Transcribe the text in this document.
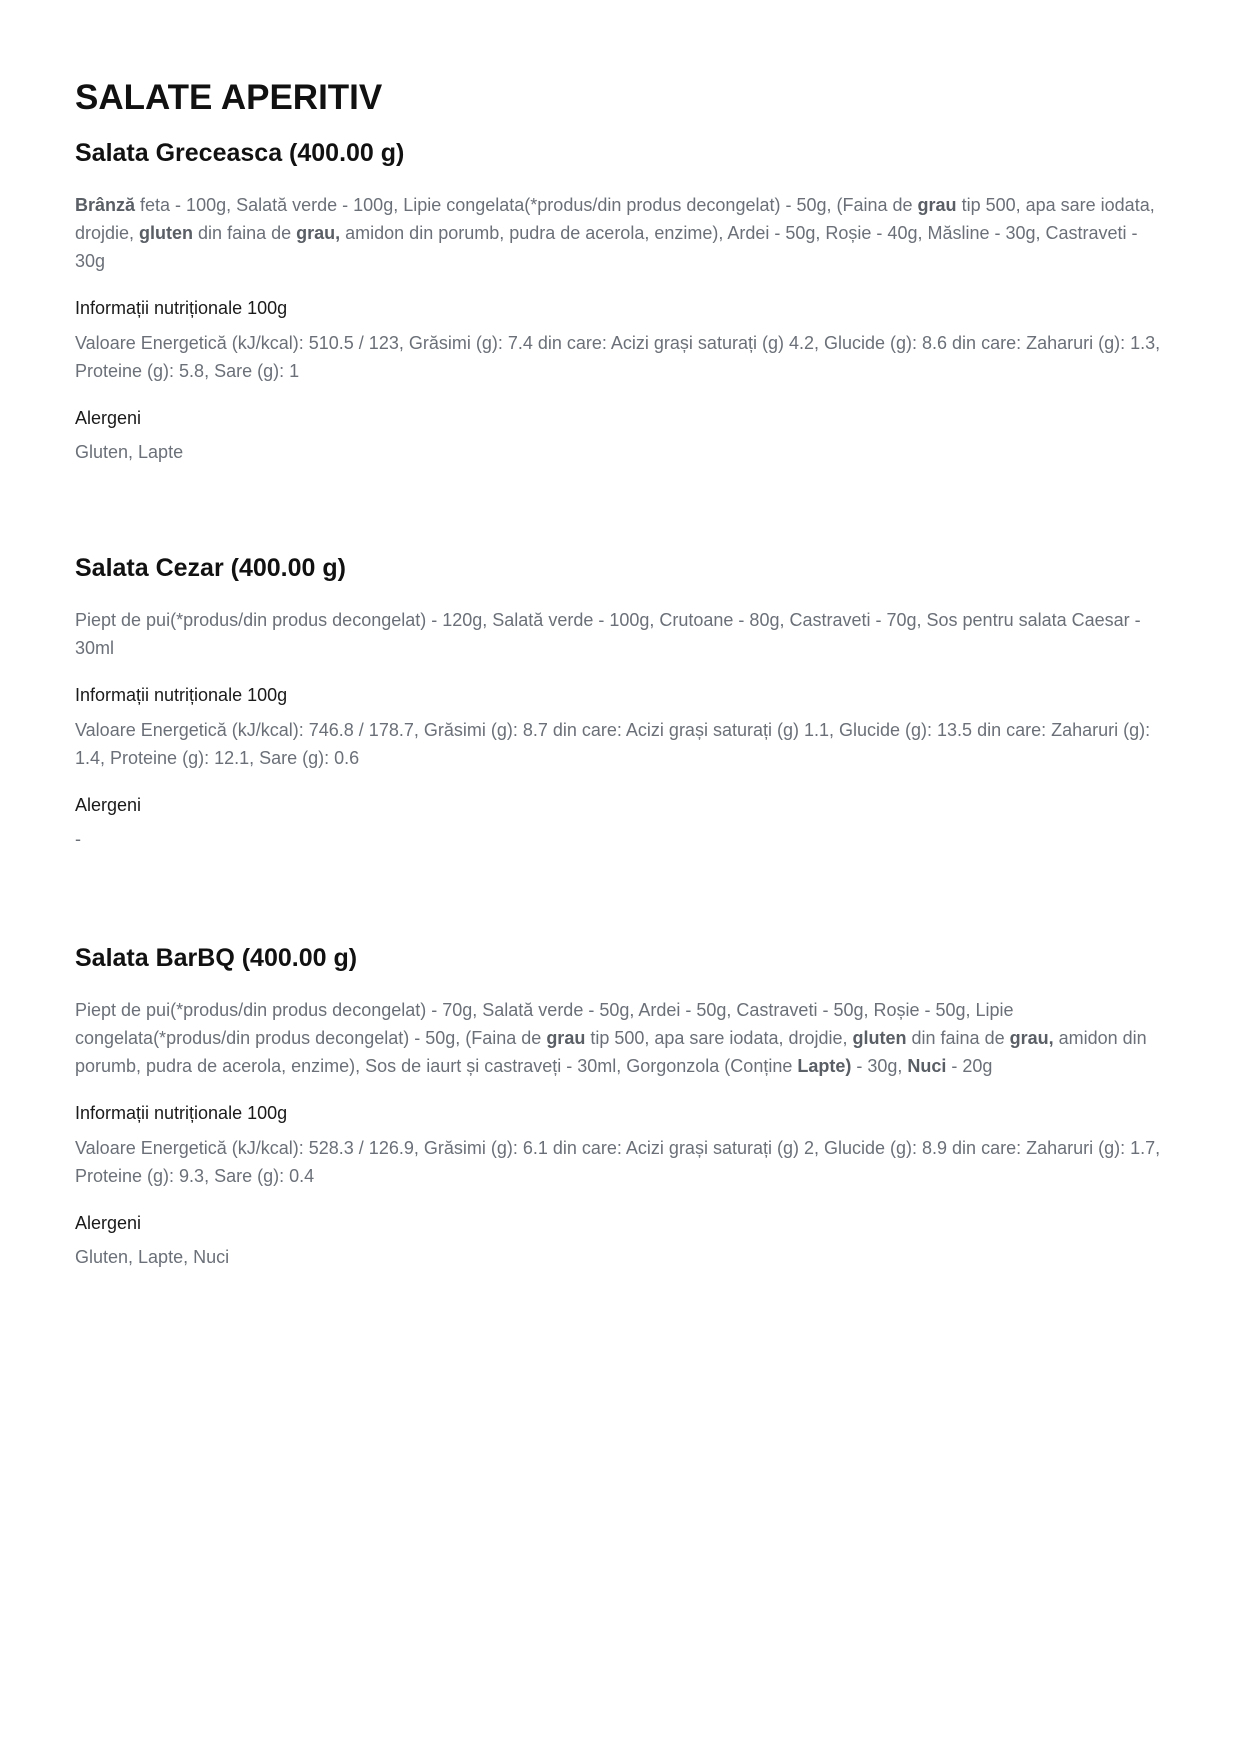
SALATE APERITIV
Salata Greceasca (400.00 g)

Brânză feta - 100g, Salată verde - 100g, Lipie congelata(*produs/din produs decongelat) - 50g, (Faina de grau tip 500, apa sare iodata, drojdie, gluten din faina de grau, amidon din porumb, pudra de acerola, enzime), Ardei - 50g, Roșie - 40g, Măsline - 30g, Castraveti - 30g

Informații nutriționale 100g

Valoare Energetică (kJ/kcal): 510.5 / 123, Grăsimi (g): 7.4 din care: Acizi grași saturați (g) 4.2, Glucide (g): 8.6 din care: Zaharuri (g): 1.3, Proteine (g): 5.8, Sare (g): 1

Alergeni

Gluten, Lapte

Salata Cezar (400.00 g)

Piept de pui(*produs/din produs decongelat) - 120g, Salată verde - 100g, Crutoane - 80g, Castraveti - 70g, Sos pentru salata Caesar - 30ml

Informații nutriționale 100g

Valoare Energetică (kJ/kcal): 746.8 / 178.7, Grăsimi (g): 8.7 din care: Acizi grași saturați (g) 1.1, Glucide (g): 13.5 din care: Zaharuri (g): 1.4, Proteine (g): 12.1, Sare (g): 0.6

Alergeni

-

Salata BarBQ (400.00 g)

Piept de pui(*produs/din produs decongelat) - 70g, Salată verde - 50g, Ardei - 50g, Castraveti - 50g, Roșie - 50g, Lipie congelata(*produs/din produs decongelat) - 50g, (Faina de grau tip 500, apa sare iodata, drojdie, gluten din faina de grau, amidon din porumb, pudra de acerola, enzime), Sos de iaurt și castraveți - 30ml, Gorgonzola (Conține Lapte) - 30g, Nuci - 20g

Informații nutriționale 100g

Valoare Energetică (kJ/kcal): 528.3 / 126.9, Grăsimi (g): 6.1 din care: Acizi grași saturați (g) 2, Glucide (g): 8.9 din care: Zaharuri (g): 1.7, Proteine (g): 9.3, Sare (g): 0.4

Alergeni

Gluten, Lapte, Nuci
